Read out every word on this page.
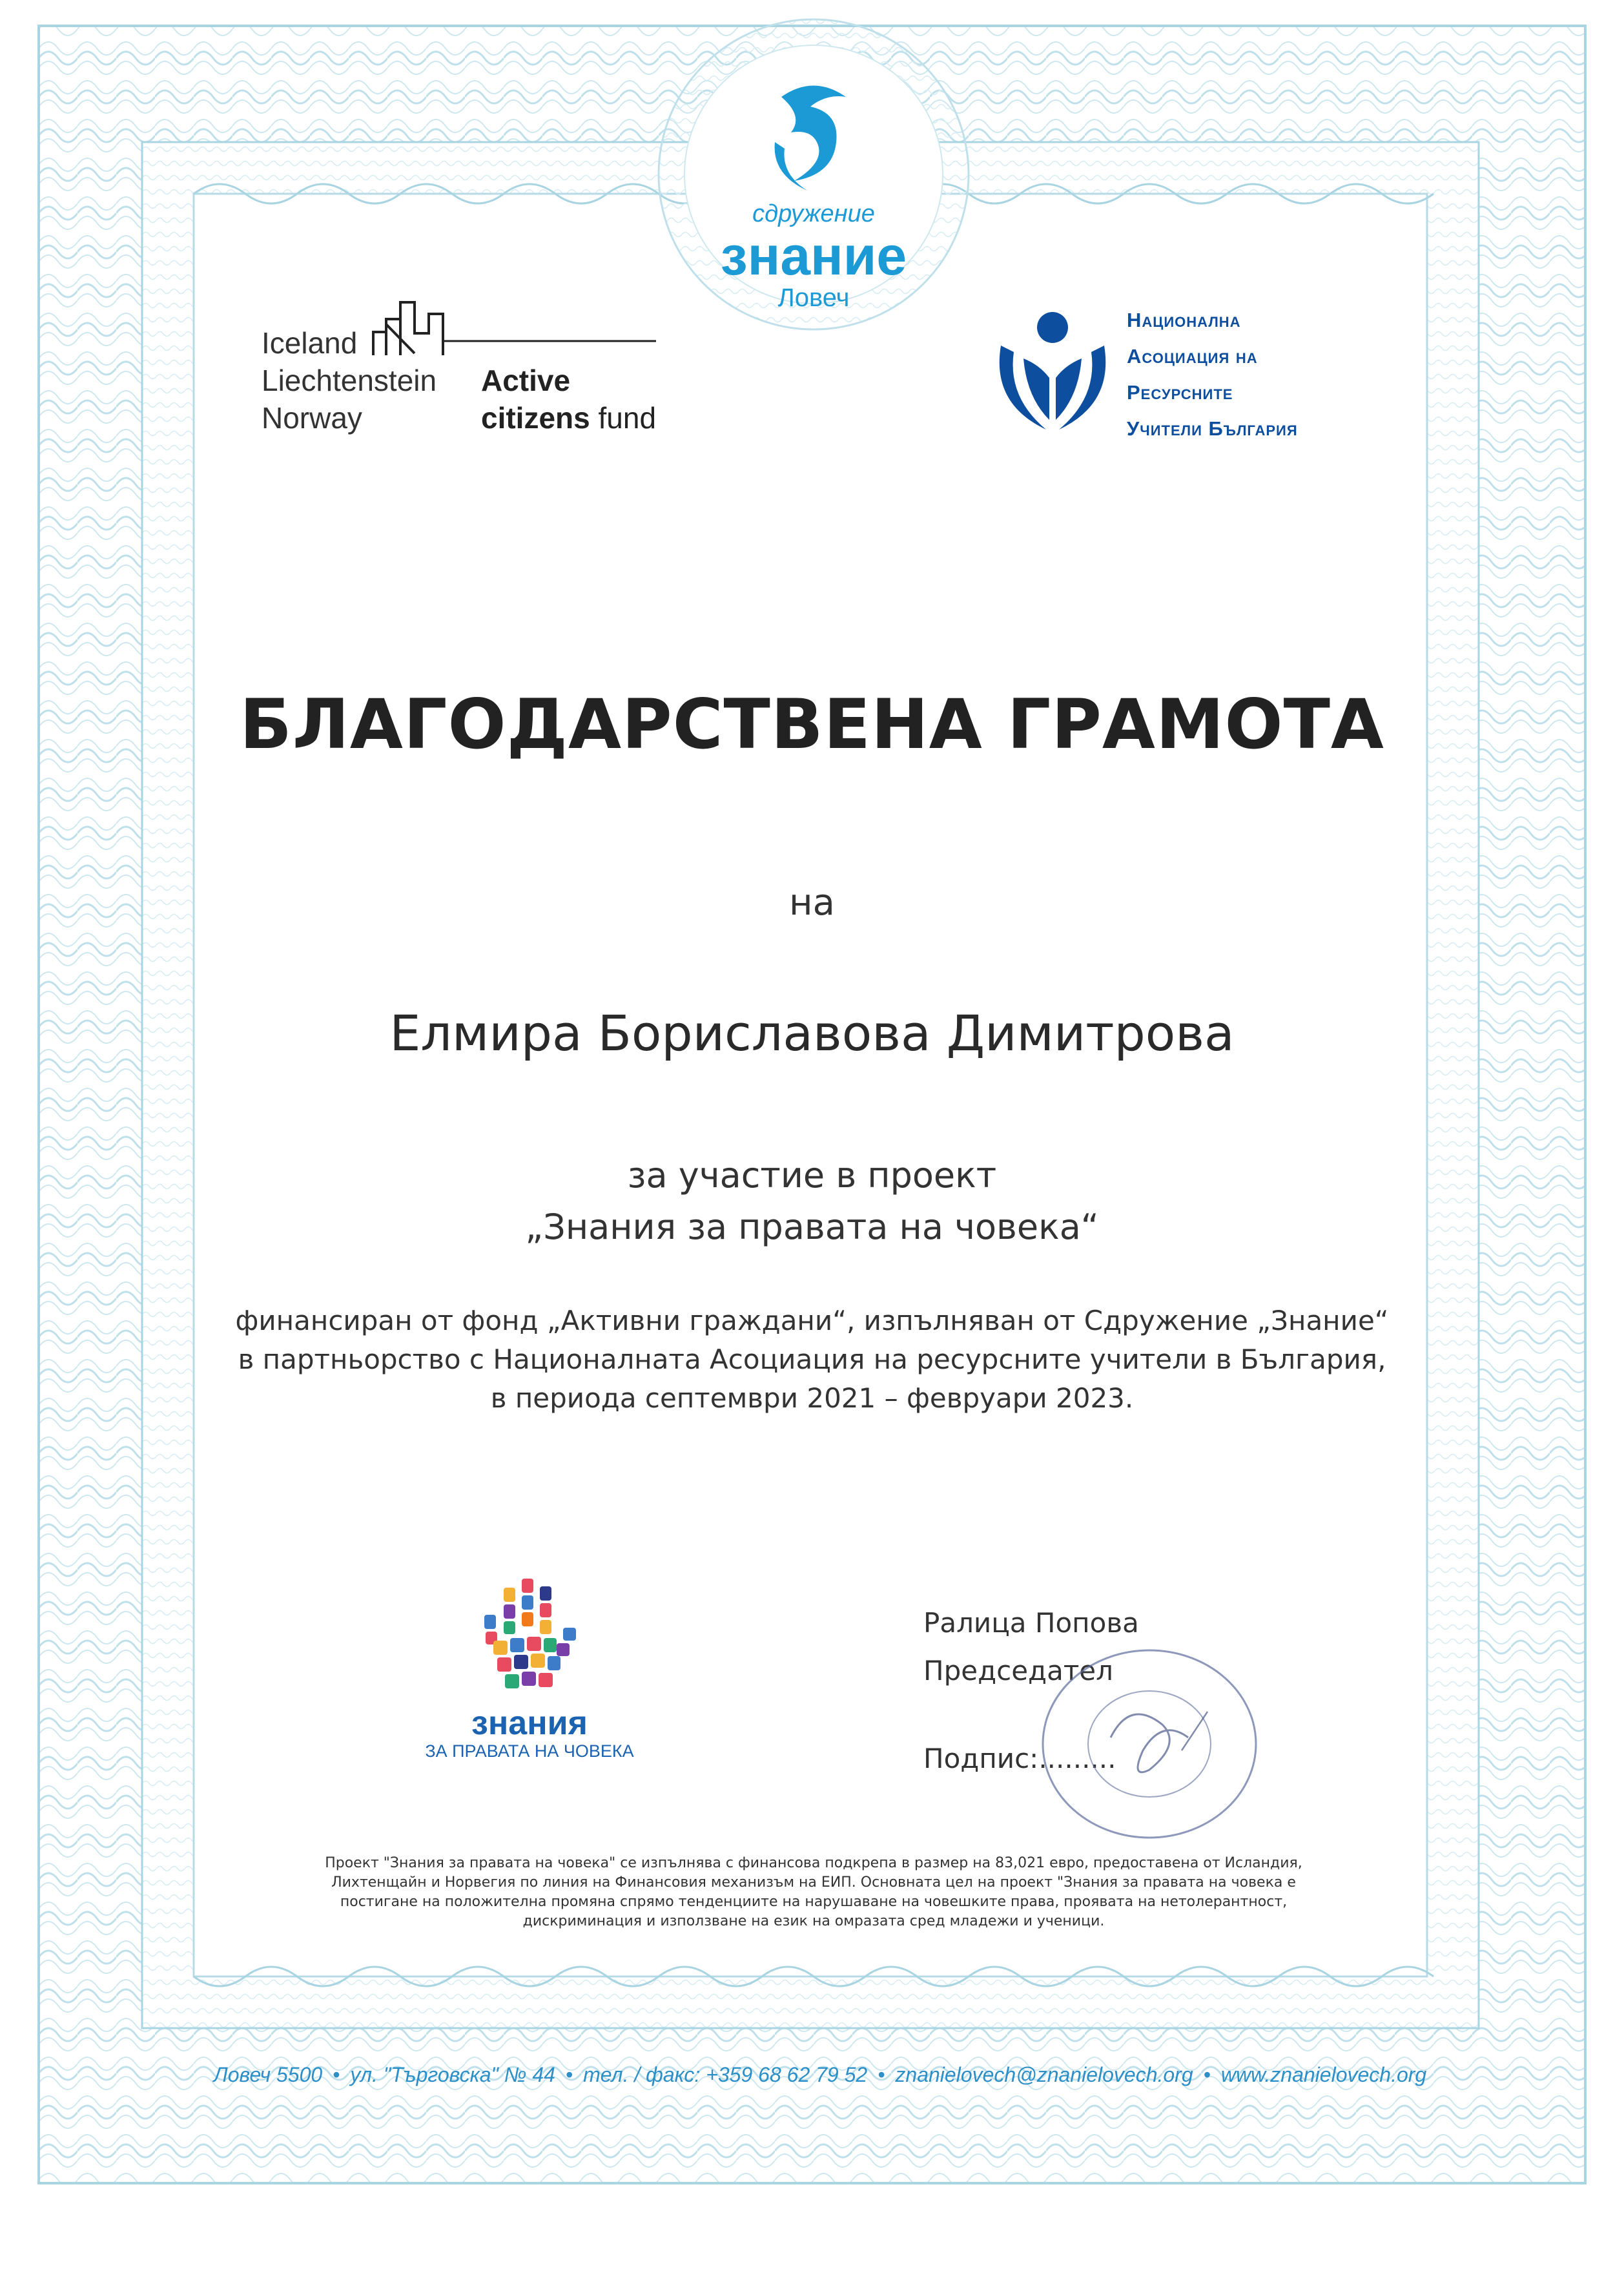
сдружение
знание
Ловеч
Iceland
Liechtenstein
Norway
Active
citizens fund
Национална
Асоциация на
Ресурсните
Учители България
БЛАГОДАРСТВЕНА ГРАМОТА
на
Елмира Бориславова Димитрова
за участие в проект
„Знания за правата на човека“
финансиран от фонд „Активни граждани“, изпълняван от Сдружение „Знание“
в партньорство с Националната Асоциация на ресурсните учители в България,
в периода септември 2021 – февруари 2023.
знания
ЗА ПРАВАТА НА ЧОВЕКА
Ралица Попова
Председател
Подпис:.........
Проект "Знания за правата на човека" се изпълнява с финансова подкрепа в размер на 83,021 евро, предоставена от Исландия, Лихтенщайн и Норвегия по линия на Финансовия механизъм на ЕИП. Основната цел на проект "Знания за правата на човека е постигане на положителна промяна спрямо тенденциите на нарушаване на човешките права, проявата на нетолерантност, дискриминация и използване на език на омразата сред младежи и ученици.
Ловеч 5500 • ул. "Търговска" № 44 • тел. / факс: +359 68 62 79 52 • znanielovech@znanielovech.org • www.znanielovech.org
